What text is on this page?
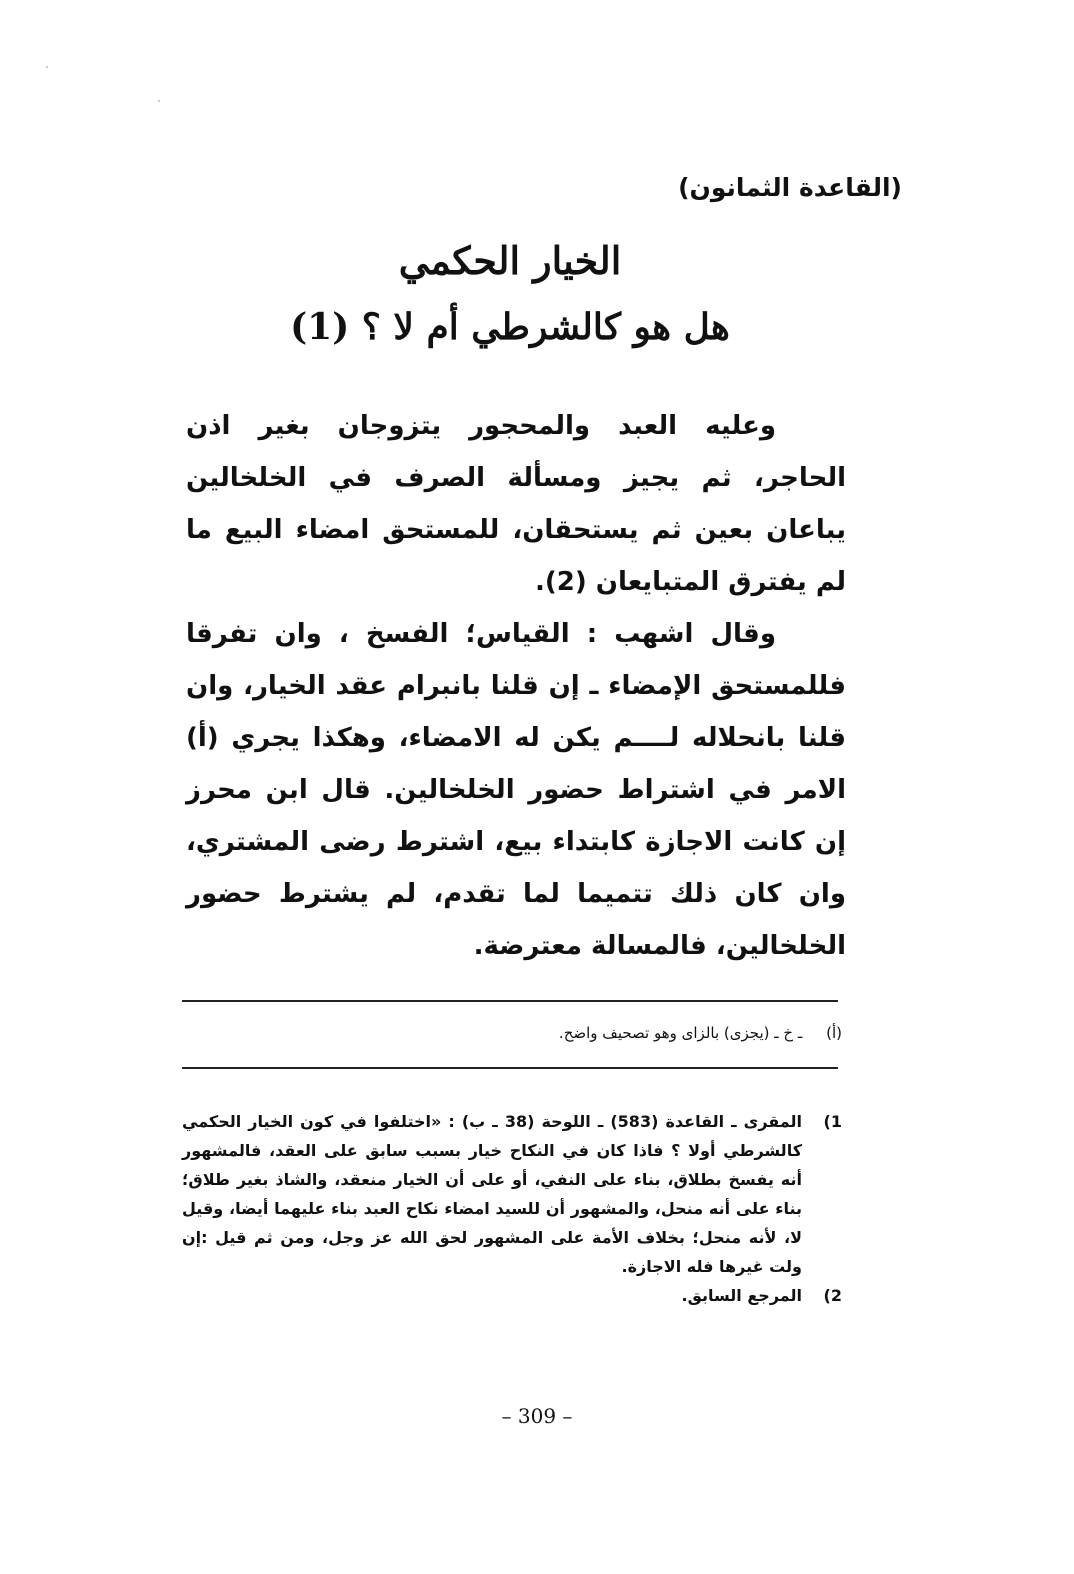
(القاعدة الثمانون)
الخيار الحكمي
هل هو كالشرطي أم لا ؟ (1)

وعليه العبد والمحجور يتزوجان بغير اذن الحاجر، ثم يجيز ومسألة الصرف في الخلخالين يباعان بعين ثم يستحقان، للمستحق امضاء البيع ما لم يفترق المتبايعان (2).

وقال اشهب : القياس؛ الفسخ ، وان تفرقا فللمستحق الإمضاء ـ إن قلنا بانبرام عقد الخيار، وان قلنا بانحلاله لــــم يكن له الامضاء، وهكذا يجري (أ) الامر في اشتراط حضور الخلخالين. قال ابن محرز إن كانت الاجازة كابتداء بيع، اشترط رضى المشتري، وان كان ذلك تتميما لما تقدم، لم يشترط حضور الخلخالين، فالمسالة معترضة.

(أ)     ـ خ ـ (يجزى) بالزاى وهو تصحيف واضح.
1)
المقرى ـ القاعدة (583) ـ اللوحة (38 ـ ب) : «اختلفوا في كون الخيار الحكمي كالشرطي أولا ؟ فاذا كان في النكاح خيار بسبب سابق على العقد، فالمشهور أنه يفسخ بطلاق، بناء على النفي، أو على أن الخيار منعقد، والشاذ بغير طلاق؛ بناء على أنه منحل، والمشهور أن للسيد امضاء نكاح العبد بناء عليهما أيضا، وقيل لا، لأنه منحل؛ بخلاف الأمة على المشهور لحق الله عز وجل، ومن ثم قيل :إن ولت غيرها فله الاجازة.
2)
المرجع السابق.
– 309 –
